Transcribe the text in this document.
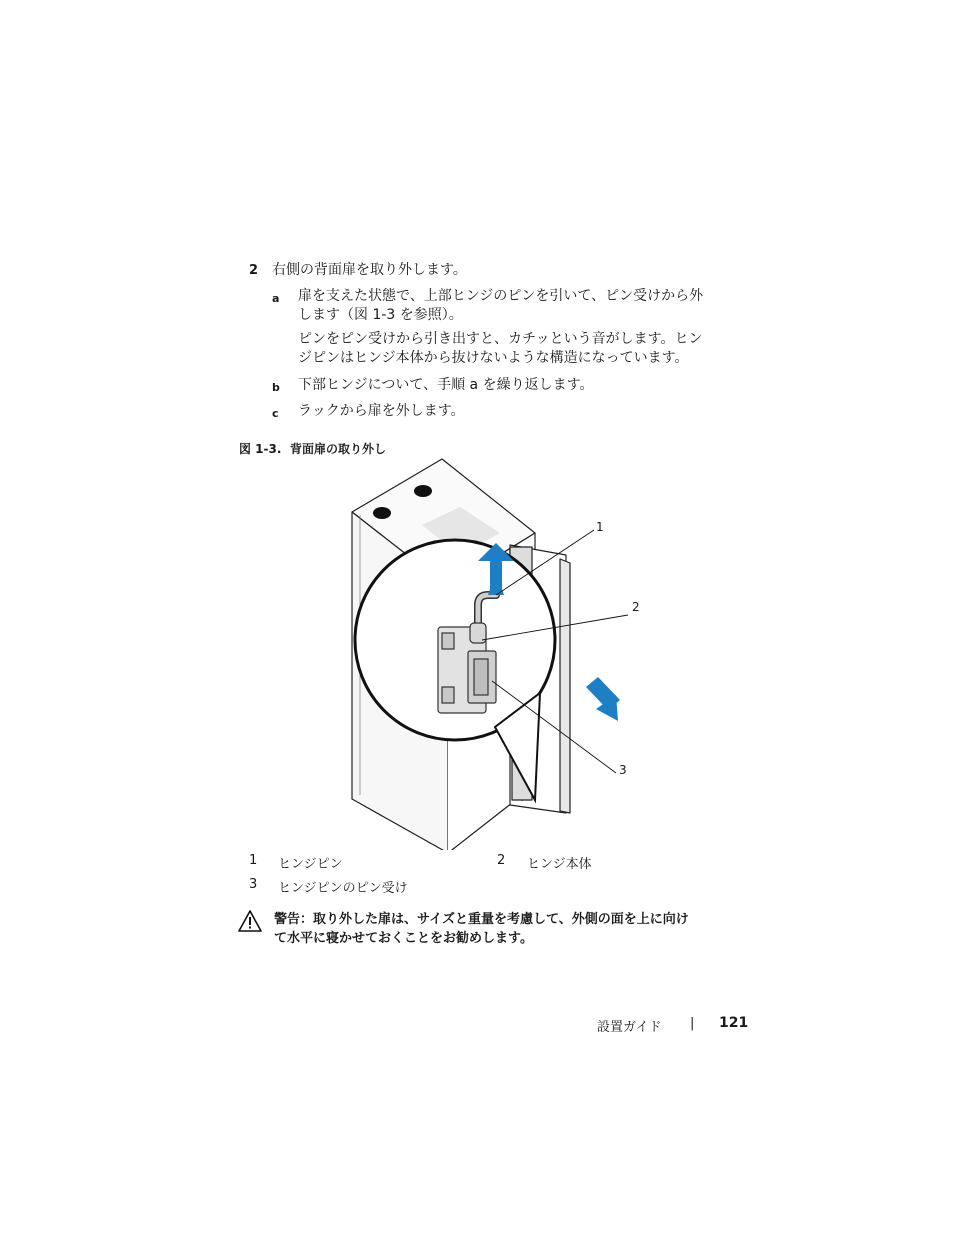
2 右側の背面扉を取り外します。
a 扉を支えた状態で、上部ヒンジのピンを引いて、ピン受けから外
します（図 1-3 を参照）。
ピンをピン受けから引き出すと、カチッという音がします。ヒン
ジピンはヒンジ本体から抜けないような構造になっています。
b 下部ヒンジについて、手順 a を繰り返します。
c ラックから扉を外します。
図 1-3. 背面扉の取り外し
1
2
3
1 ヒンジピン	2 ヒンジ本体
3 ヒンジピンのピン受け
警告：取り外した扉は、サイズと重量を考慮して、外側の面を上に向け
て水平に寝かせておくことをお勧めします。
設置ガイド | 121
